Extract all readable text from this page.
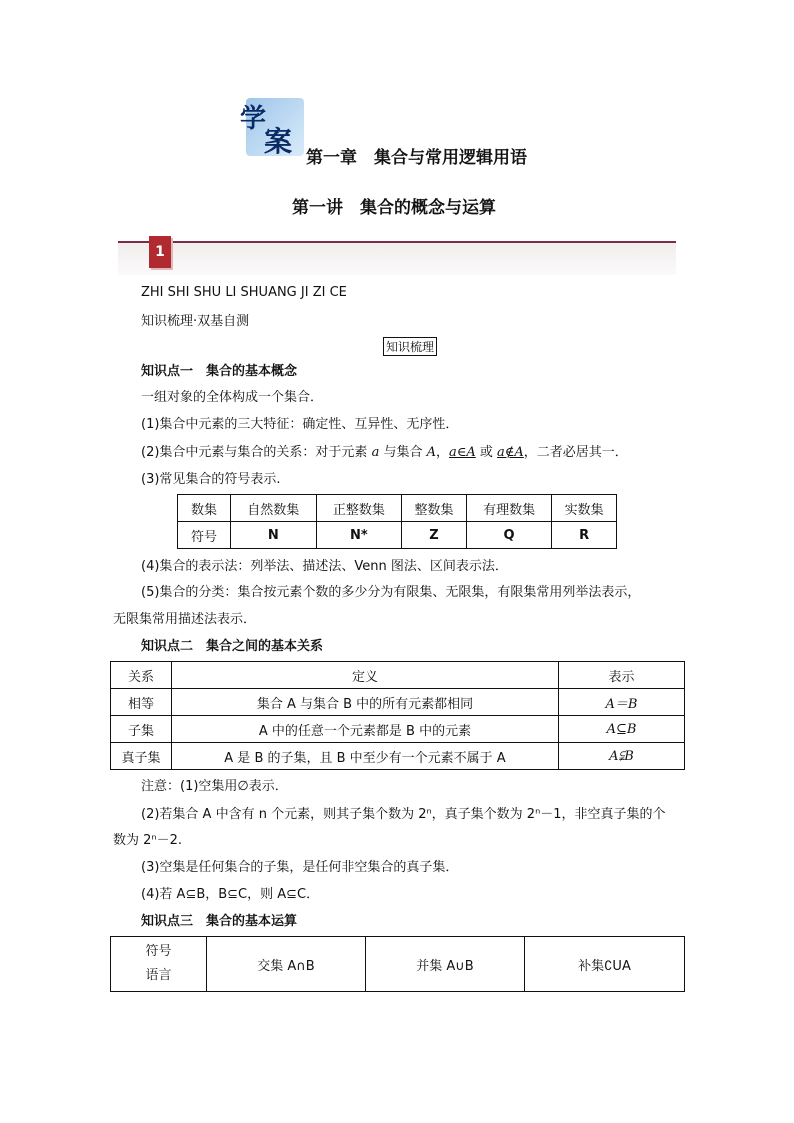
学
案 第一章　集合与常用逻辑用语
第一讲　集合的概念与运算
1
ZHI SHI SHU LI SHUANG JI ZI CE
知识梳理·双基自测
知识梳理
知识点一　集合的基本概念
一组对象的全体构成一个集合．
(1)集合中元素的三大特征：确定性、互异性、无序性．
(2)集合中元素与集合的关系：对于元素 a 与集合 A，a∈A 或 a∉A，二者必居其一．
(3)常见集合的符号表示.
数集	自然数集	正整数集	整数集	有理数集	实数集
符号	N	N*	Z	Q	R
(4)集合的表示法：列举法、描述法、Venn 图法、区间表示法．
(5)集合的分类：集合按元素个数的多少分为有限集、无限集，有限集常用列举法表示，
无限集常用描述法表示．
知识点二　集合之间的基本关系
关系	定义	表示
相等	集合 A 与集合 B 中的所有元素都相同	A＝B
子集	A 中的任意一个元素都是 B 中的元素	A⊆B
真子集	A 是 B 的子集，且 B 中至少有一个元素不属于 A	A⫋B
注意：(1)空集用∅表示．
(2)若集合 A 中含有 n 个元素，则其子集个数为 2ⁿ，真子集个数为 2ⁿ－1，非空真子集的个
数为 2ⁿ－2.
(3)空集是任何集合的子集，是任何非空集合的真子集．
(4)若 A⊆B，B⊆C，则 A⊆C．
知识点三　集合的基本运算
符号
语言
	交集 A∩B	并集 A∪B	补集∁UA
